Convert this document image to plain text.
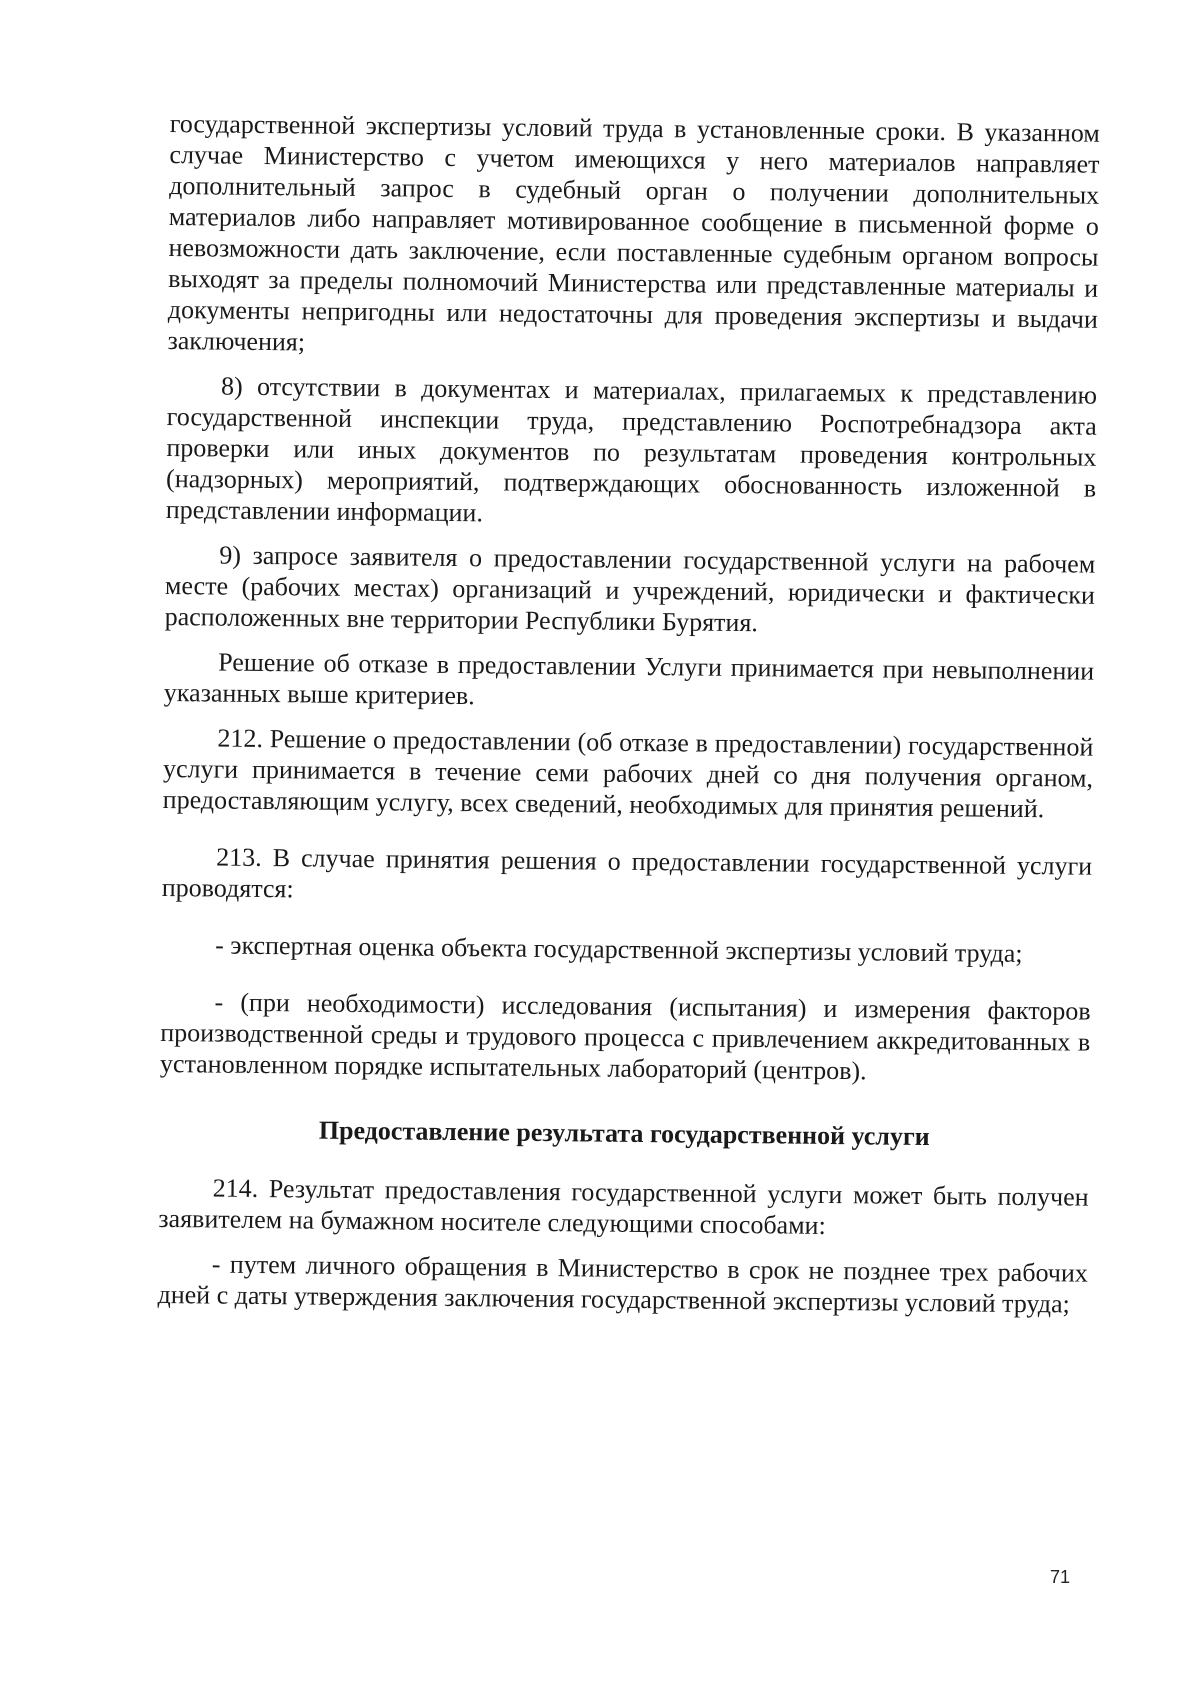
государственной экспертизы условий труда в установленные сроки. В указанном случае Министерство с учетом имеющихся у него материалов направляет дополнительный запрос в судебный орган о получении дополнительных материалов либо направляет мотивированное сообщение в письменной форме о невозможности дать заключение, если поставленные судебным органом вопросы выходят за пределы полномочий Министерства или представленные материалы и документы непригодны или недостаточны для проведения экспертизы и выдачи заключения;

8) отсутствии в документах и материалах, прилагаемых к представлению государственной инспекции труда, представлению Роспотребнадзора акта проверки или иных документов по результатам проведения контрольных (надзорных) мероприятий, подтверждающих обоснованность изложенной в представлении информации.

9) запросе заявителя о предоставлении государственной услуги на рабочем месте (рабочих местах) организаций и учреждений, юридически и фактически расположенных вне территории Республики Бурятия.

Решение об отказе в предоставлении Услуги принимается при невыполнении указанных выше критериев.

212. Решение о предоставлении (об отказе в предоставлении) государственной услуги принимается в течение семи рабочих дней со дня получения органом, предоставляющим услугу, всех сведений, необходимых для принятия решений.

213. В случае принятия решения о предоставлении государственной услуги проводятся:

- экспертная оценка объекта государственной экспертизы условий труда;

- (при необходимости) исследования (испытания) и измерения факторов производственной среды и трудового процесса с привлечением аккредитованных в установленном порядке испытательных лабораторий (центров).

Предоставление результата государственной услуги

214. Результат предоставления государственной услуги может быть получен заявителем на бумажном носителе следующими способами:

- путем личного обращения в Министерство в срок не позднее трех рабочих дней с даты утверждения заключения государственной экспертизы условий труда;

71
